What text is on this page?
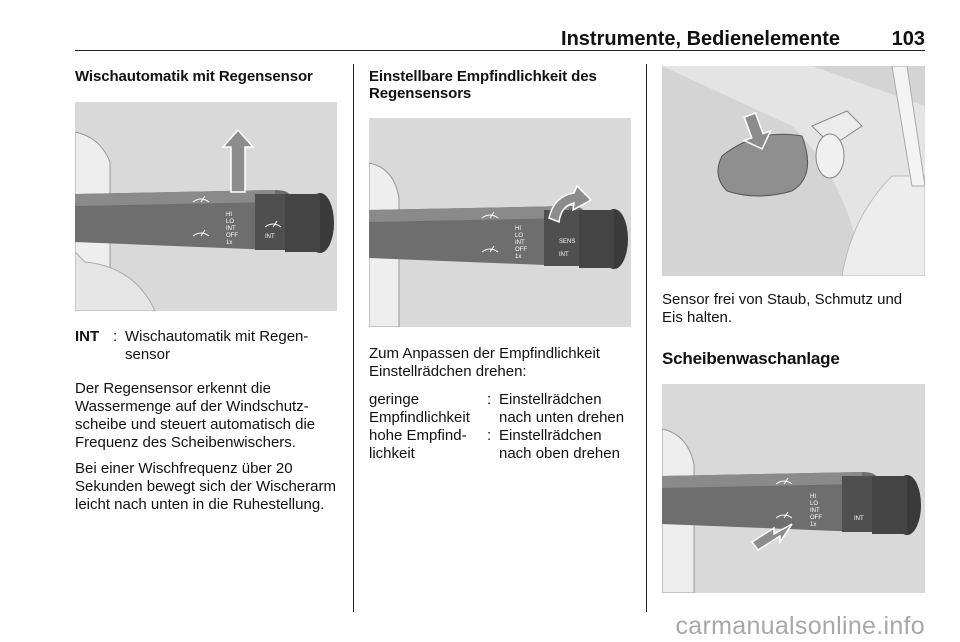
Instrumente, Bedienelemente	103
Wischautomatik mit Regensensor
HI
LO
INT
OFF
1x
INT
INT : Wischautomatik mit Regen-sensor

Der Regensensor erkennt die Wassermenge auf der Windschutz-scheibe und steuert automatisch die Frequenz des Scheibenwischers.

Bei einer Wischfrequenz über 20 Sekunden bewegt sich der Wischerarm leicht nach unten in die Ruhestellung.

Einstellbare Empfindlichkeit des Regensensors
HI
LO
INT
OFF
1x
SENS
INT

Zum Anpassen der Empfindlichkeit Einstellrädchen drehen:

geringe Empfindlichkeit
: Einstellrädchen nach unten drehen
hohe Empfind-lichkeit
: Einstellrädchen nach oben drehen

Sensor frei von Staub, Schmutz und Eis halten.

Scheibenwaschanlage
HI
LO
INT
OFF
1x
INT
carmanualsonline.info
